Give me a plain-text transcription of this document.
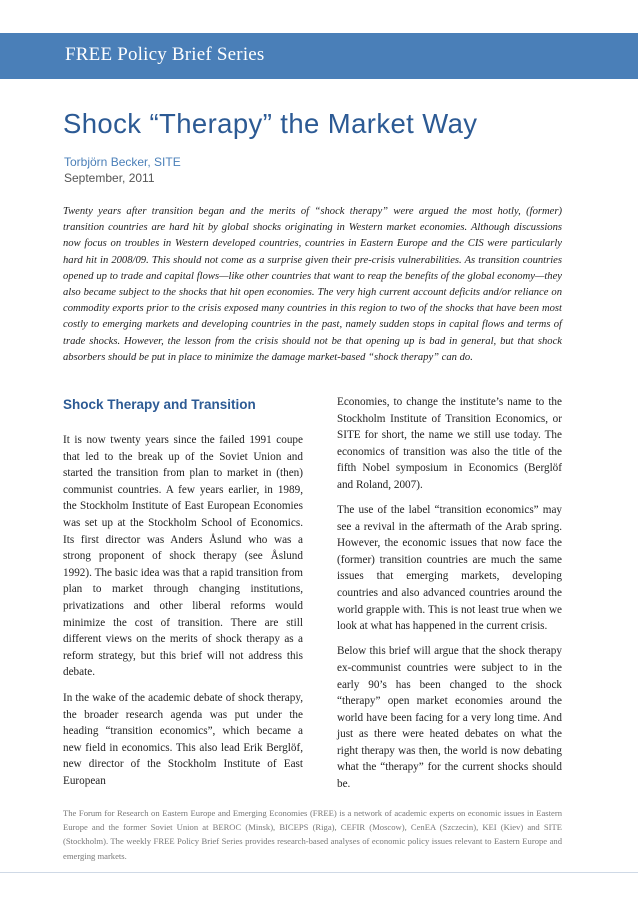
FREE Policy Brief Series
Shock “Therapy” the Market Way
Torbjörn Becker, SITE
September, 2011

Twenty years after transition began and the merits of “shock therapy” were argued the most hotly, (former) transition countries are hard hit by global shocks originating in Western market economies. Although discussions now focus on troubles in Western developed countries, countries in Eastern Europe and the CIS were particularly hard hit in 2008/09. This should not come as a surprise given their pre-crisis vulnerabilities. As transition countries opened up to trade and capital flows—like other countries that want to reap the benefits of the global economy—they also became subject to the shocks that hit open economies. The very high current account deficits and/or reliance on commodity exports prior to the crisis exposed many countries in this region to two of the shocks that have been most costly to emerging markets and developing countries in the past, namely sudden stops in capital flows and terms of trade shocks. However, the lesson from the crisis should not be that opening up is bad in general, but that shock absorbers should be put in place to minimize the damage market-based “shock therapy” can do.

Shock Therapy and Transition

It is now twenty years since the failed 1991 coupe that led to the break up of the Soviet Union and started the transition from plan to market in (then) communist countries. A few years earlier, in 1989, the Stockholm Institute of East European Economies was set up at the Stockholm School of Economics. Its first director was Anders Åslund who was a strong proponent of shock therapy (see Åslund 1992). The basic idea was that a rapid transition from plan to market through changing institutions, privatizations and other liberal reforms would minimize the cost of transition. There are still different views on the merits of shock therapy as a reform strategy, but this brief will not address this debate.

In the wake of the academic debate of shock therapy, the broader research agenda was put under the heading “transition economics”, which became a new field in economics. This also lead Erik Berglöf, new director of the Stockholm Institute of East European

Economies, to change the institute’s name to the Stockholm Institute of Transition Economics, or SITE for short, the name we still use today. The economics of transition was also the title of the fifth Nobel symposium in Economics (Berglöf and Roland, 2007).

The use of the label “transition economics” may see a revival in the aftermath of the Arab spring. However, the economic issues that now face the (former) transition countries are much the same issues that emerging markets, developing countries and also advanced countries around the world grapple with. This is not least true when we look at what has happened in the current crisis.

Below this brief will argue that the shock therapy ex-communist countries were subject to in the early 90’s has been changed to the shock “therapy” open market economies around the world have been facing for a very long time. And just as there were heated debates on what the right therapy was then, the world is now debating what the “therapy” for the current shocks should be.

The Forum for Research on Eastern Europe and Emerging Economies (FREE) is a network of academic experts on economic issues in Eastern Europe and the former Soviet Union at BEROC (Minsk), BICEPS (Riga), CEFIR (Moscow), CenEA (Szczecin), KEI (Kiev) and SITE (Stockholm). The weekly FREE Policy Brief Series provides research-based analyses of economic policy issues relevant to Eastern Europe and emerging markets.
